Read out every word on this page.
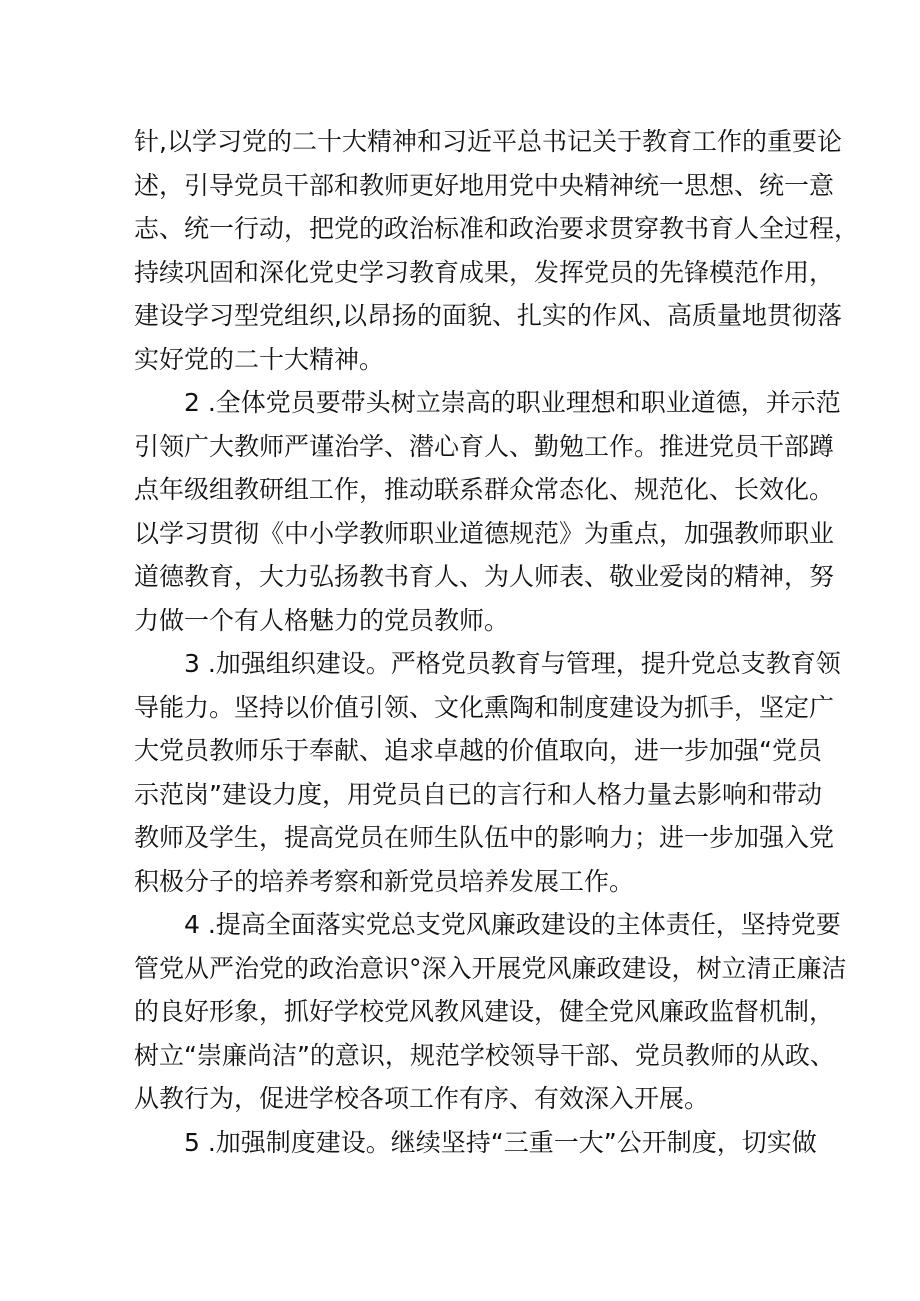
针,以学习党的二十大精神和习近平总书记关于教育工作的重要论
述，引导党员干部和教师更好地用党中央精神统一思想、统一意
志、统一行动，把党的政治标准和政治要求贯穿教书育人全过程，
持续巩固和深化党史学习教育成果，发挥党员的先锋模范作用，
建设学习型党组织,以昂扬的面貌、扎实的作风、高质量地贯彻落
实好党的二十大精神。
2 .全体党员要带头树立崇高的职业理想和职业道德，并示范
引领广大教师严谨治学、潜心育人、勤勉工作。推进党员干部蹲
点年级组教研组工作，推动联系群众常态化、规范化、长效化。
以学习贯彻《中小学教师职业道德规范》为重点，加强教师职业
道德教育，大力弘扬教书育人、为人师表、敬业爱岗的精神，努
力做一个有人格魅力的党员教师。
3 .加强组织建设。严格党员教育与管理，提升党总支教育领
导能力。坚持以价值引领、文化熏陶和制度建设为抓手，坚定广
大党员教师乐于奉献、追求卓越的价值取向，进一步加强“党员
示范岗”建设力度，用党员自已的言行和人格力量去影响和带动
教师及学生，提高党员在师生队伍中的影响力；进一步加强入党
积极分子的培养考察和新党员培养发展工作。
4 .提高全面落实党总支党风廉政建设的主体责任，坚持党要
管党从严治党的政治意识°深入开展党风廉政建设，树立清正廉洁
的良好形象，抓好学校党风教风建设，健全党风廉政监督机制，
树立“崇廉尚洁”的意识，规范学校领导干部、党员教师的从政、
从教行为，促进学校各项工作有序、有效深入开展。
5 .加强制度建设。继续坚持“三重一大”公开制度，切实做
